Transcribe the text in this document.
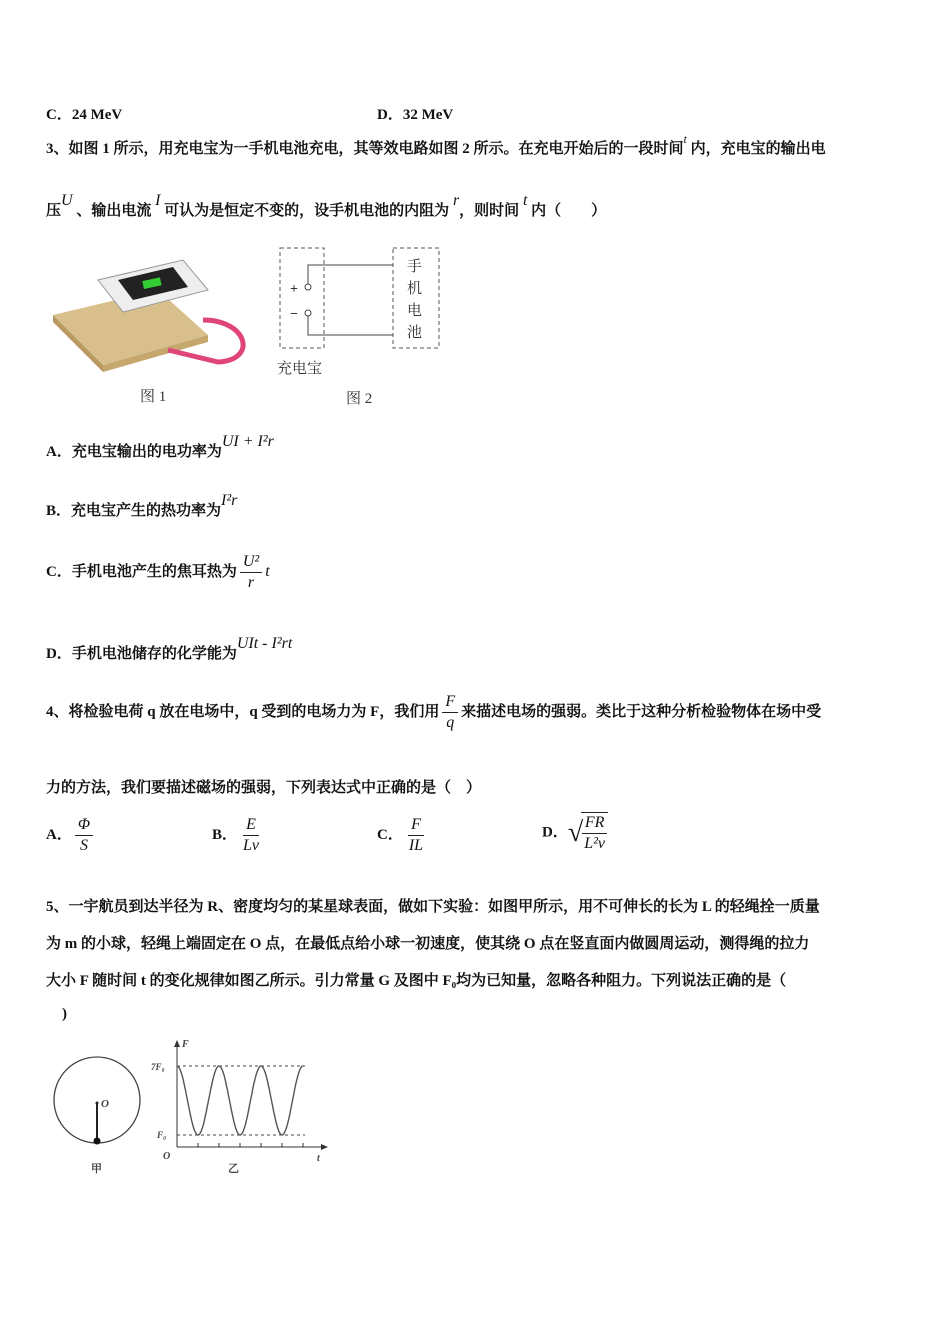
C．24 MeV	D．32 MeV
3、如图 1 所示，用充电宝为一手机电池充电，其等效电路如图 2 所示。在充电开始后的一段时间$^t$ 内，充电宝的输出电
压U 、输出电流 I 可认为是恒定不变的，设手机电池的内阻为 r，则时间 t 内（　　）
图 1
+
−
手机电池
充电宝
图 2
A．充电宝输出的电功率为UI + I²r
B．充电宝产生的热功率为I²r
C．手机电池产生的焦耳热为 $\frac{\text{U²}}{r}$ t
D．手机电池储存的化学能为UIt - I²rt
4、将检验电荷 q 放在电场中，q 受到的电场力为 F，我们用 $\frac{F}{q}$ 来描述电场的强弱。类比于这种分析检验物体在场中受
力的方法，我们要描述磁场的强弱，下列表达式中正确的是（　）
A． $\frac{\Phi}{S}$	B． $\frac{E}{Lv}$	C． $\frac{F}{IL}$	D．√
$\frac{FR}{\text{L²v}}$
5、一宇航员到达半径为 R、密度均匀的某星球表面，做如下实验：如图甲所示，用不可伸长的长为 L 的轻绳拴一质量
为 m 的小球，轻绳上端固定在 O 点，在最低点给小球一初速度，使其绕 O 点在竖直面内做圆周运动，测得绳的拉力
大小 F 随时间 t 的变化规律如图乙所示。引力常量 G 及图中 F₀均为已知量，忽略各种阻力。下列说法正确的是（
)
O
甲
F
t
O
7F₀
F₀
乙
